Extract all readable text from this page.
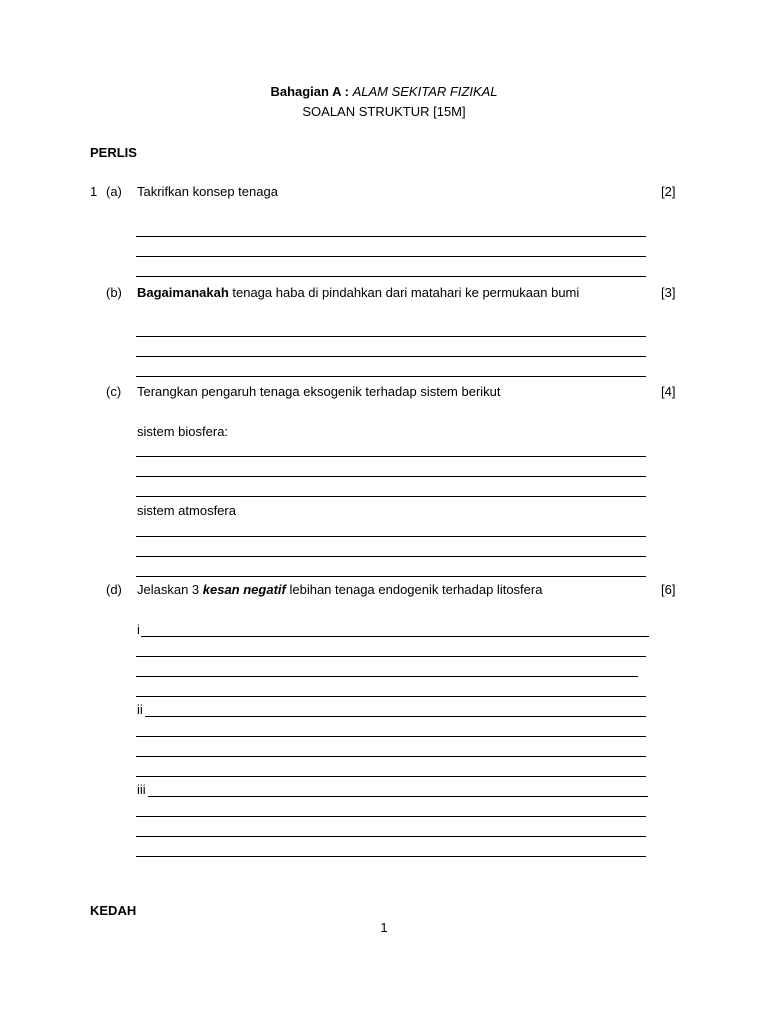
Bahagian A : ALAM SEKITAR FIZIKAL
SOALAN STRUKTUR [15M]
PERLIS
1 (a) Takrifkan konsep tenaga	[2]
(b) Bagaimanakah tenaga haba di pindahkan dari matahari ke permukaan bumi	[3]
(c) Terangkan pengaruh tenaga eksogenik terhadap sistem berikut	[4]
sistem biosfera:
sistem atmosfera
(d) Jelaskan 3 kesan negatif lebihan tenaga endogenik terhadap litosfera	[6]
i
ii
iii
KEDAH
1
